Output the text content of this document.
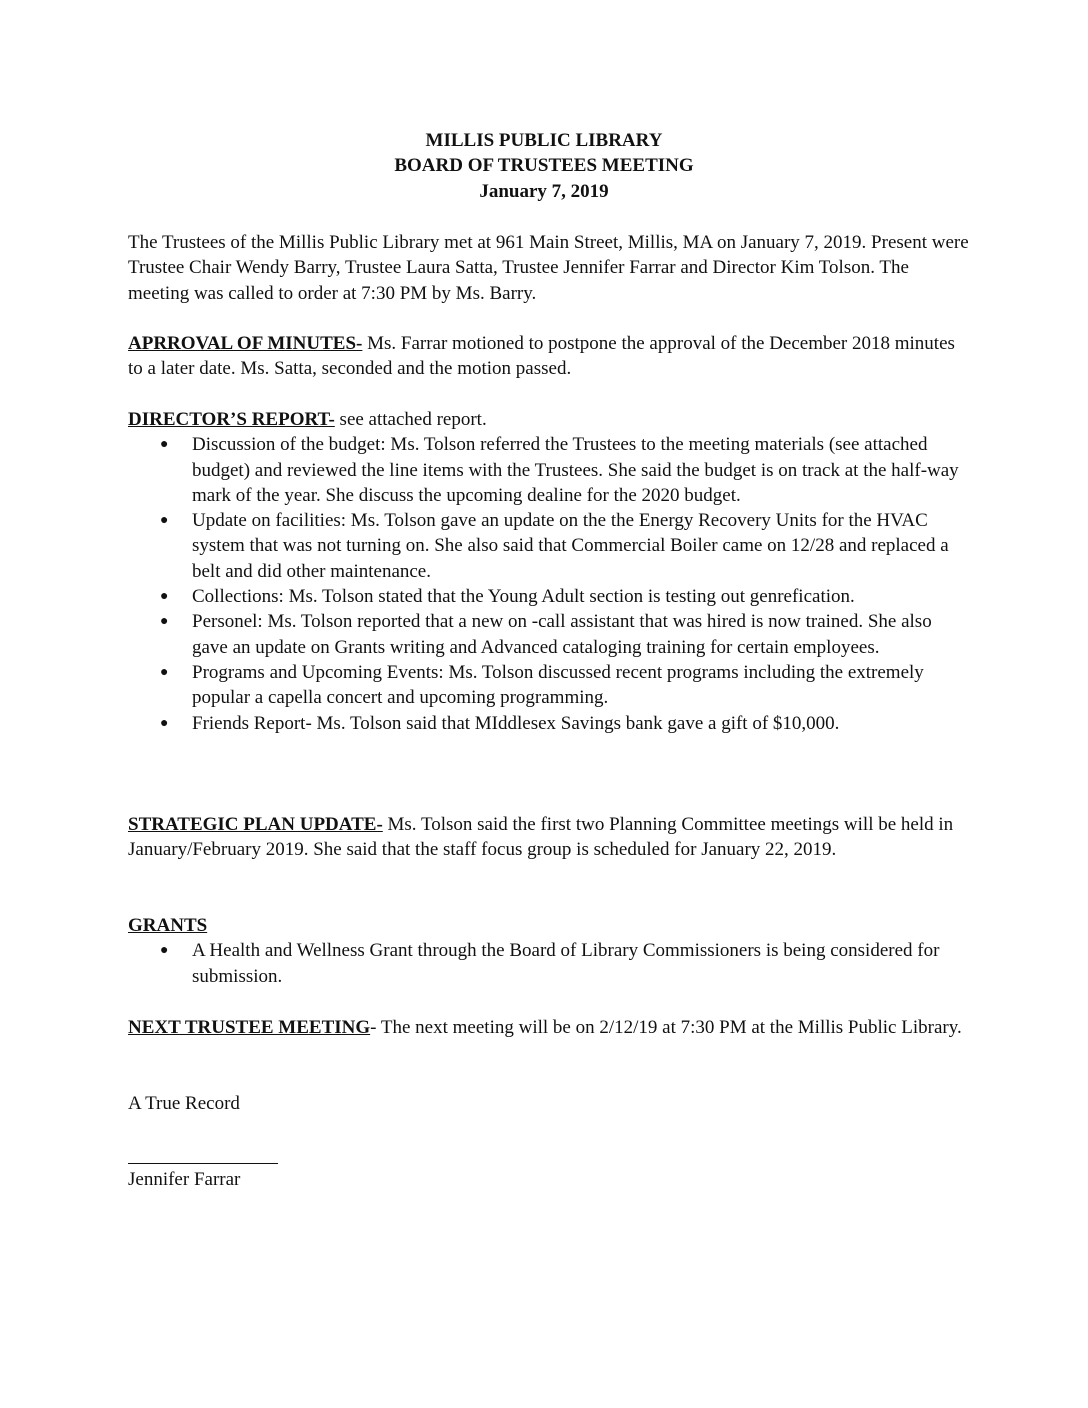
MILLIS PUBLIC LIBRARY
BOARD OF TRUSTEES MEETING
January 7, 2019
The Trustees of the Millis Public Library met at 961 Main Street, Millis, MA on January 7, 2019. Present were Trustee Chair Wendy Barry, Trustee Laura Satta, Trustee Jennifer Farrar and Director Kim Tolson. The meeting was called to order at 7:30 PM by Ms. Barry.
APRROVAL OF MINUTES- Ms. Farrar motioned to postpone the approval of the December 2018 minutes to a later date. Ms. Satta, seconded and the motion passed.
DIRECTOR’S REPORT- see attached report.
● Discussion of the budget: Ms. Tolson referred the Trustees to the meeting materials (see attached budget) and reviewed the line items with the Trustees. She said the budget is on track at the half-way mark of the year. She discuss the upcoming dealine for the 2020 budget.
● Update on facilities: Ms. Tolson gave an update on the the Energy Recovery Units for the HVAC system that was not turning on. She also said that Commercial Boiler came on 12/28 and replaced a belt and did other maintenance.
● Collections: Ms. Tolson stated that the Young Adult section is testing out genrefication.
● Personel: Ms. Tolson reported that a new on -call assistant that was hired is now trained. She also gave an update on Grants writing and Advanced cataloging training for certain employees.
● Programs and Upcoming Events: Ms. Tolson discussed recent programs including the extremely popular a capella concert and upcoming programming.
● Friends Report- Ms. Tolson said that MIddlesex Savings bank gave a gift of $10,000.
STRATEGIC PLAN UPDATE- Ms. Tolson said the first two Planning Committee meetings will be held in January/February 2019. She said that the staff focus group is scheduled for January 22, 2019.
GRANTS
● A Health and Wellness Grant through the Board of Library Commissioners is being considered for submission.
NEXT TRUSTEE MEETING- The next meeting will be on 2/12/19 at 7:30 PM at the Millis Public Library.
A True Record
Jennifer Farrar
